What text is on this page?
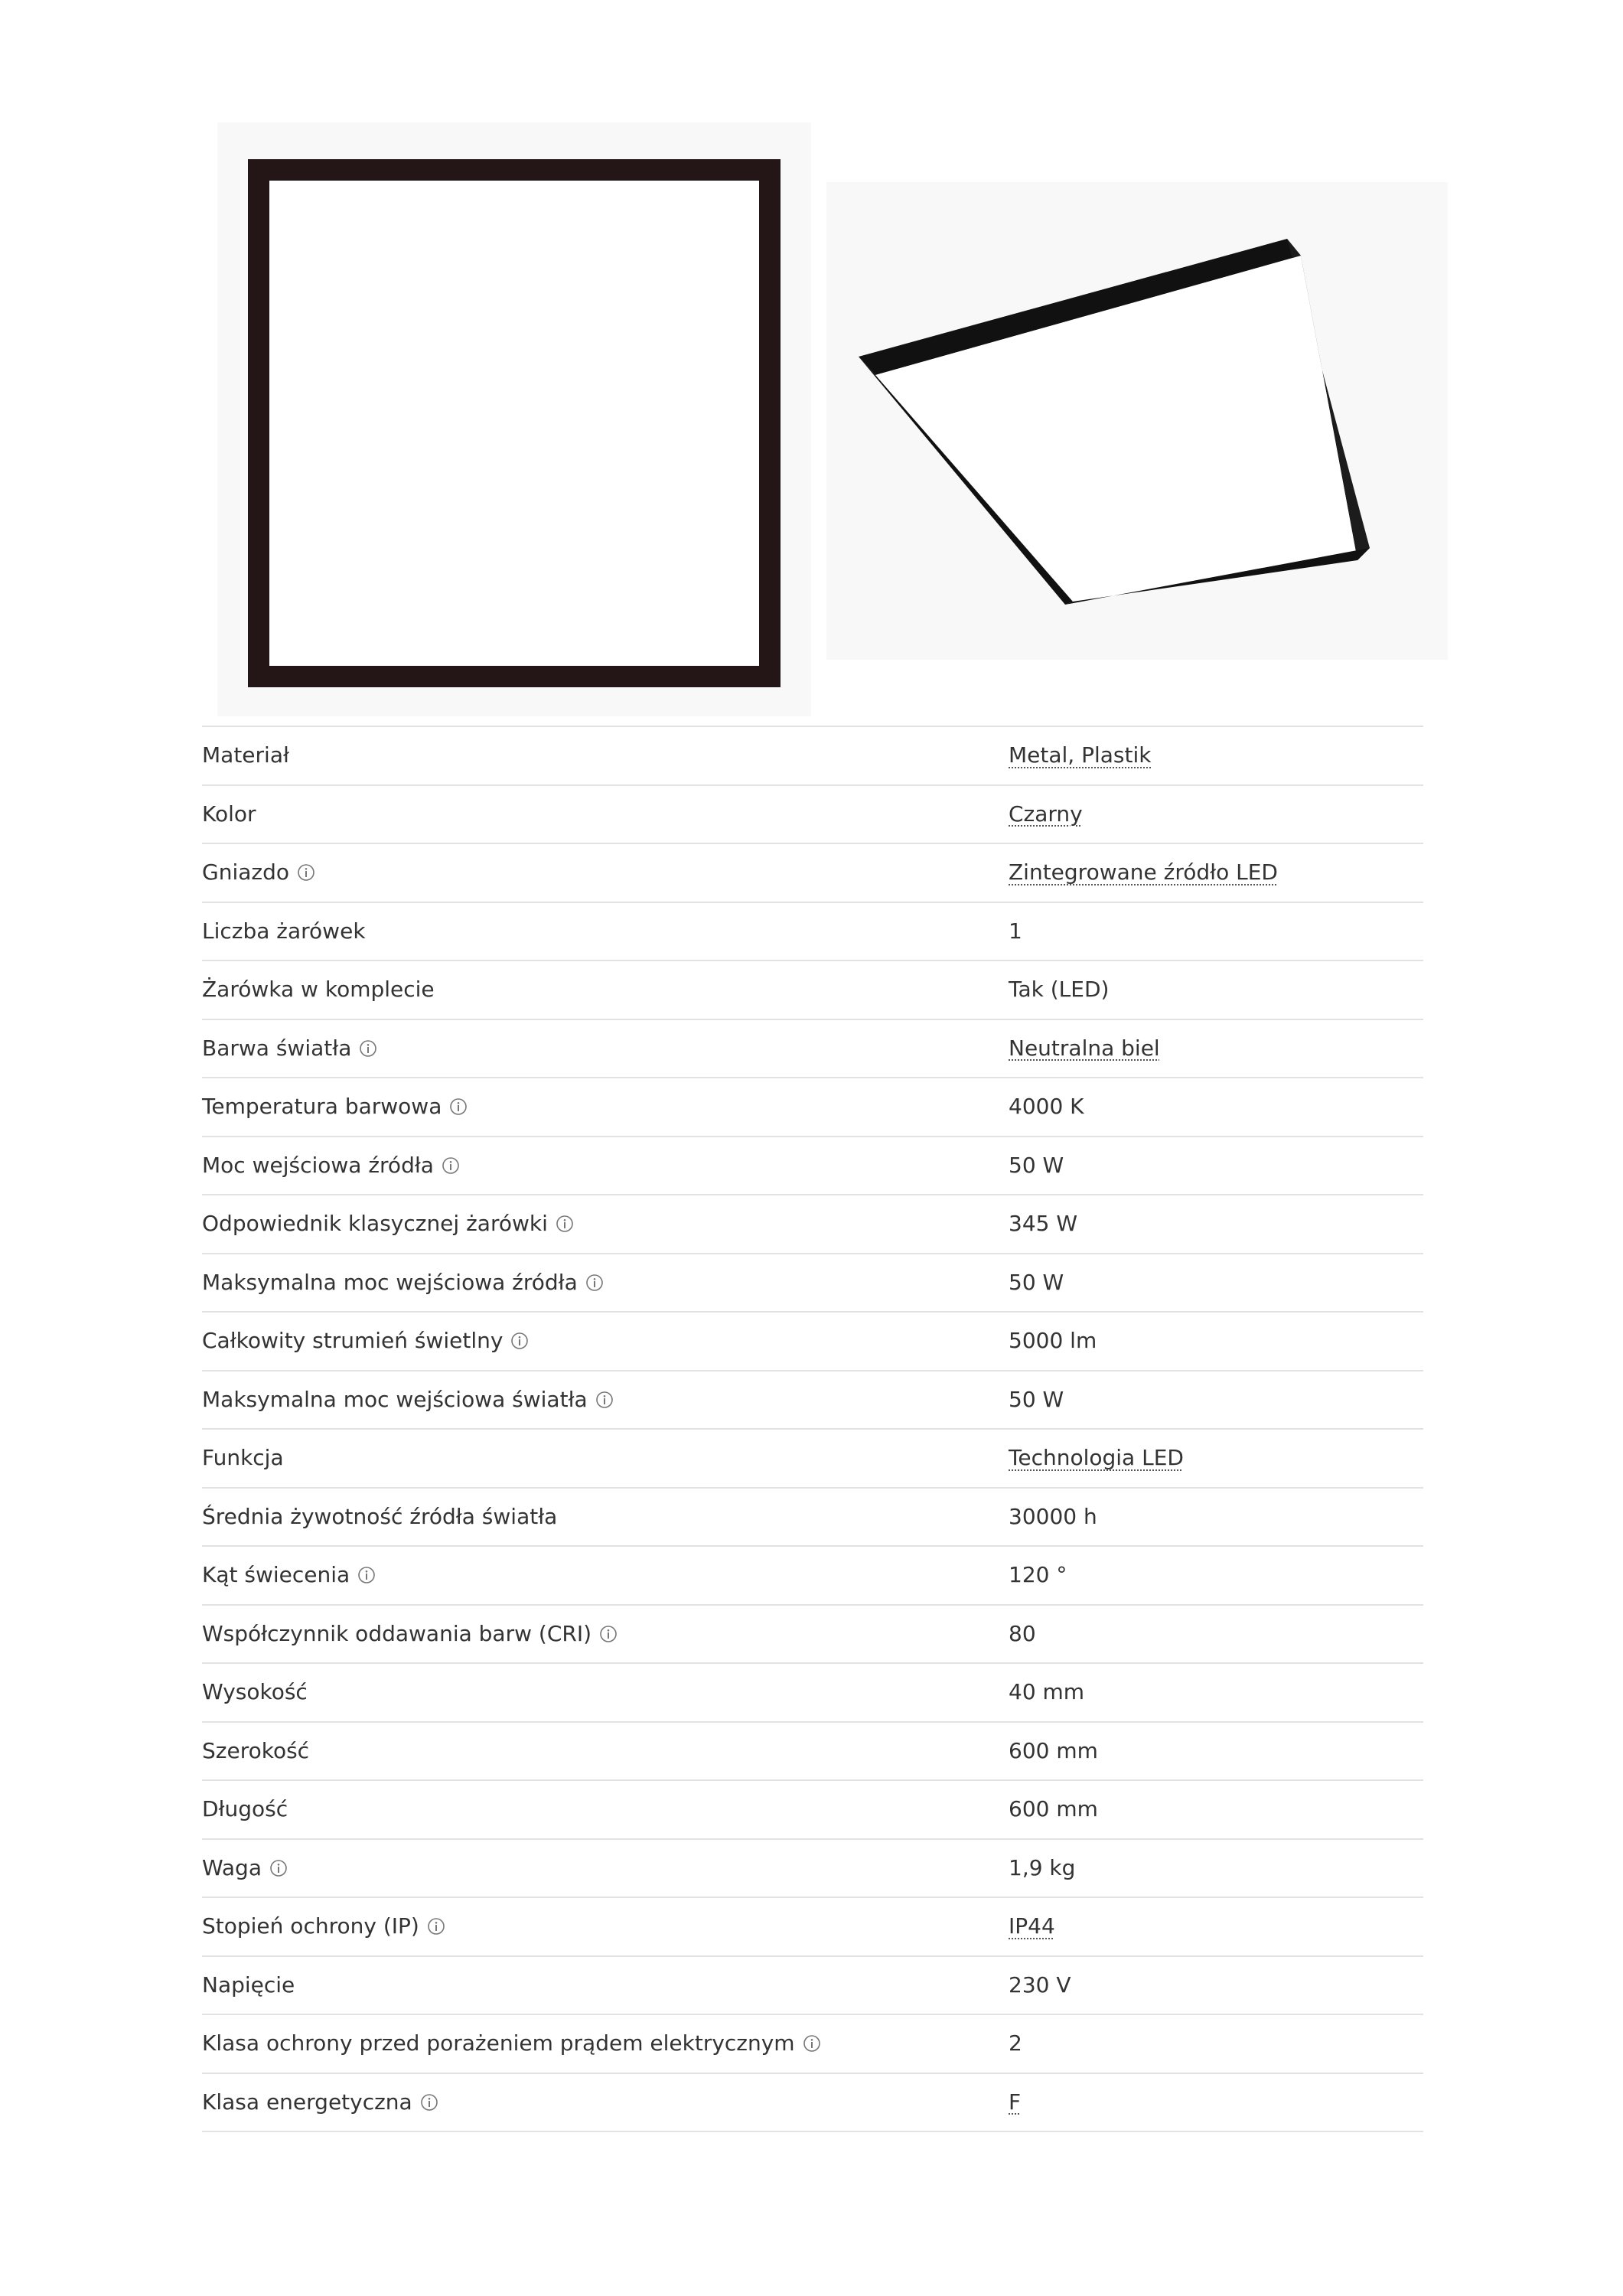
Materiał	Metal, Plastik
Kolor	Czarny
Gniazdo	Zintegrowane źródło LED
Liczba żarówek	1
Żarówka w komplecie	Tak (LED)
Barwa światła	Neutralna biel
Temperatura barwowa	4000 K
Moc wejściowa źródła	50 W
Odpowiednik klasycznej żarówki	345 W
Maksymalna moc wejściowa źródła	50 W
Całkowity strumień świetlny	5000 lm
Maksymalna moc wejściowa światła	50 W
Funkcja	Technologia LED
Średnia żywotność źródła światła	30000 h
Kąt świecenia	120 °
Współczynnik oddawania barw (CRI)	80
Wysokość	40 mm
Szerokość	600 mm
Długość	600 mm
Waga	1,9 kg
Stopień ochrony (IP)	IP44
Napięcie	230 V
Klasa ochrony przed porażeniem prądem elektrycznym	2
Klasa energetyczna	F
